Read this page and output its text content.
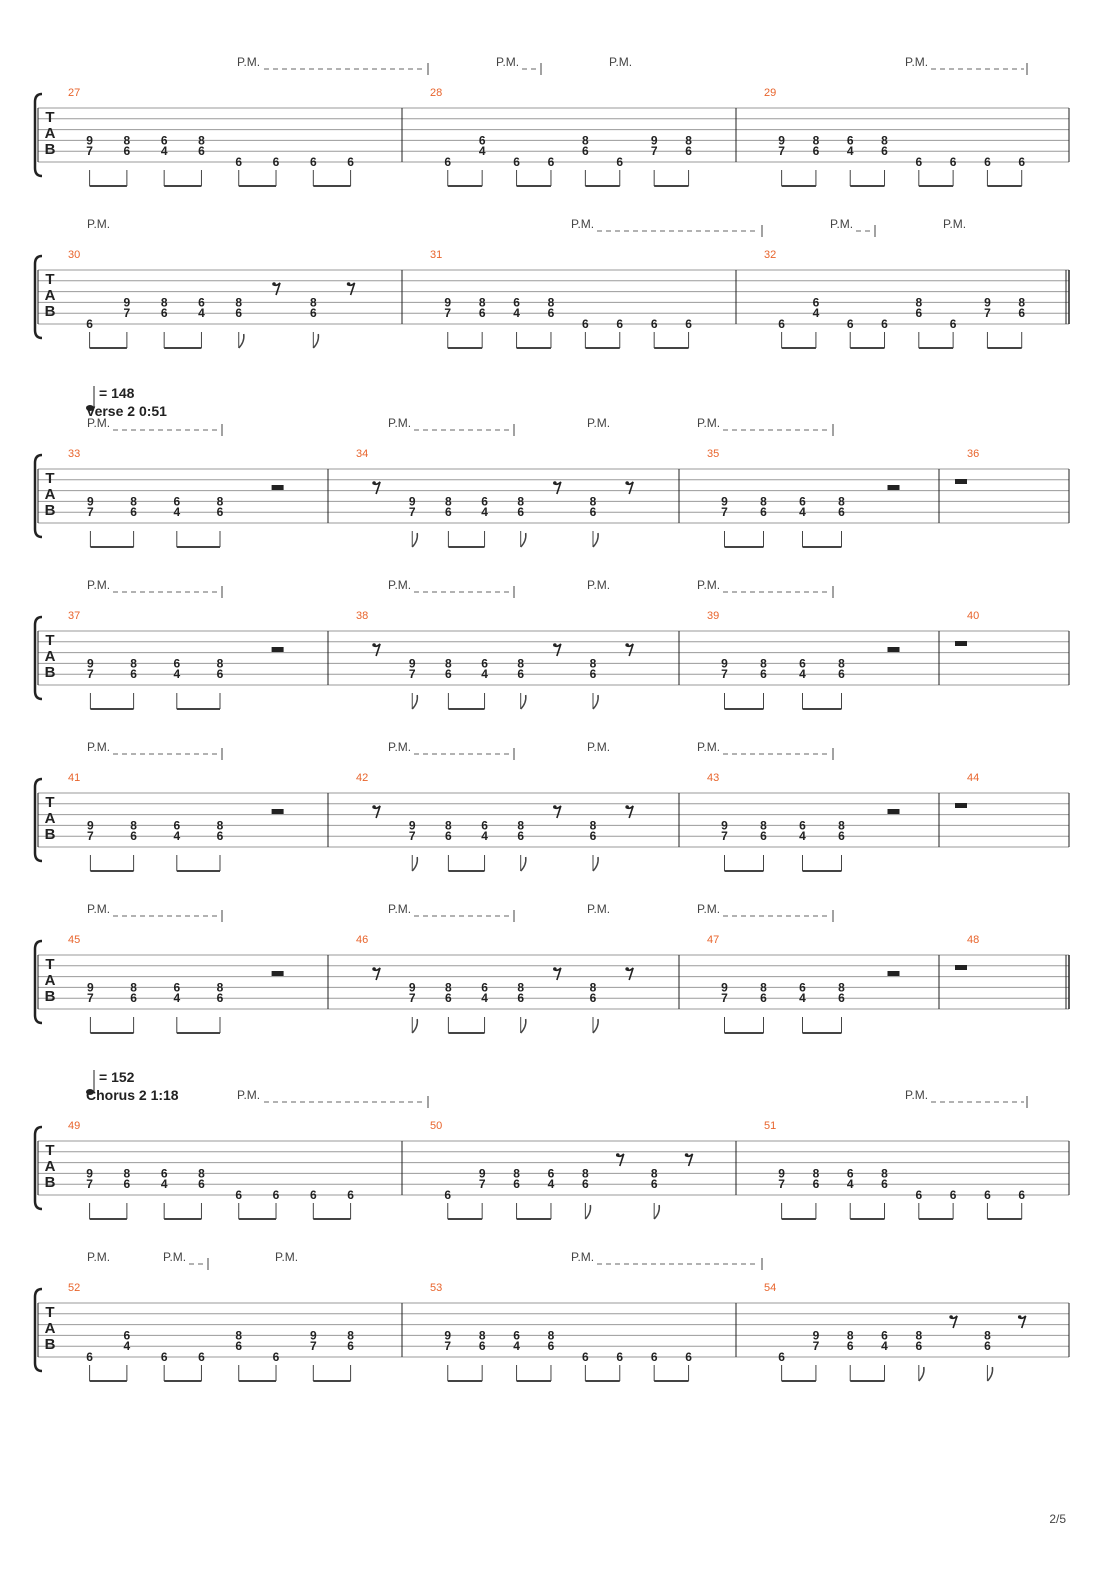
T
A
B
P.M.	P.M.	P.M.	P.M.
27
9
7
8
6
6
4
8
6
6	6	6	6
28
6
6
4
6 6
8
6
6
9
7
8
6
29
9
7
8
6
6
4
8
6
6 6 6 6
T
A
B
P.M.	P.M.	P.M.	P.M.
30
6
9
7
8
6
6
4
8
6
8
6
31
9
7
8
6
6
4
8
6
6 6 6 6
32
6
6
4
6 6
8
6
6
9
7
8
6
T
A
B
P.M.	P.M.	P.M.	P.M.
33
9
7
8
6
6
4
8
6
34
9
7
8
6
6
4
8
6
8
6
35
9
7
8
6
6
4
8
6
36
T
A
B
P.M.	P.M.	P.M.	P.M.
37
9
7
8
6
6
4
8
6
38
9
7
8
6
6
4
8
6
8
6
39
9
7
8
6
6
4
8
6
40
T
A
B
P.M.	P.M.	P.M.	P.M.
41
9
7
8
6
6
4
8
6
42
9
7
8
6
6
4
8
6
8
6
43
9
7
8
6
6
4
8
6
44
T
A
B
P.M.	P.M.	P.M.	P.M.
45
9
7
8
6
6
4
8
6
46
9
7
8
6
6
4
8
6
8
6
47
9
7
8
6
6
4
8
6
48
T
A
B
P.M.	P.M.
49
9
7
8
6
6
4
8
6
6	6	6	6
50
6
9
7
8
6
6
4
8
6
8
6
51
9
7
8
6
6
4
8
6
6 6 6 6
T
A
B
P.M.	P.M.	P.M.	P.M.
52
6
6
4
6	6
8
6
6
9
7
8
6
53
9
7
8
6
6
4
8
6
6 6 6 6
54
6
9
7
8
6
6
4
8
6
8
6
= 148
Verse 2 0:51
= 152
Chorus 2 1:18
2/5
